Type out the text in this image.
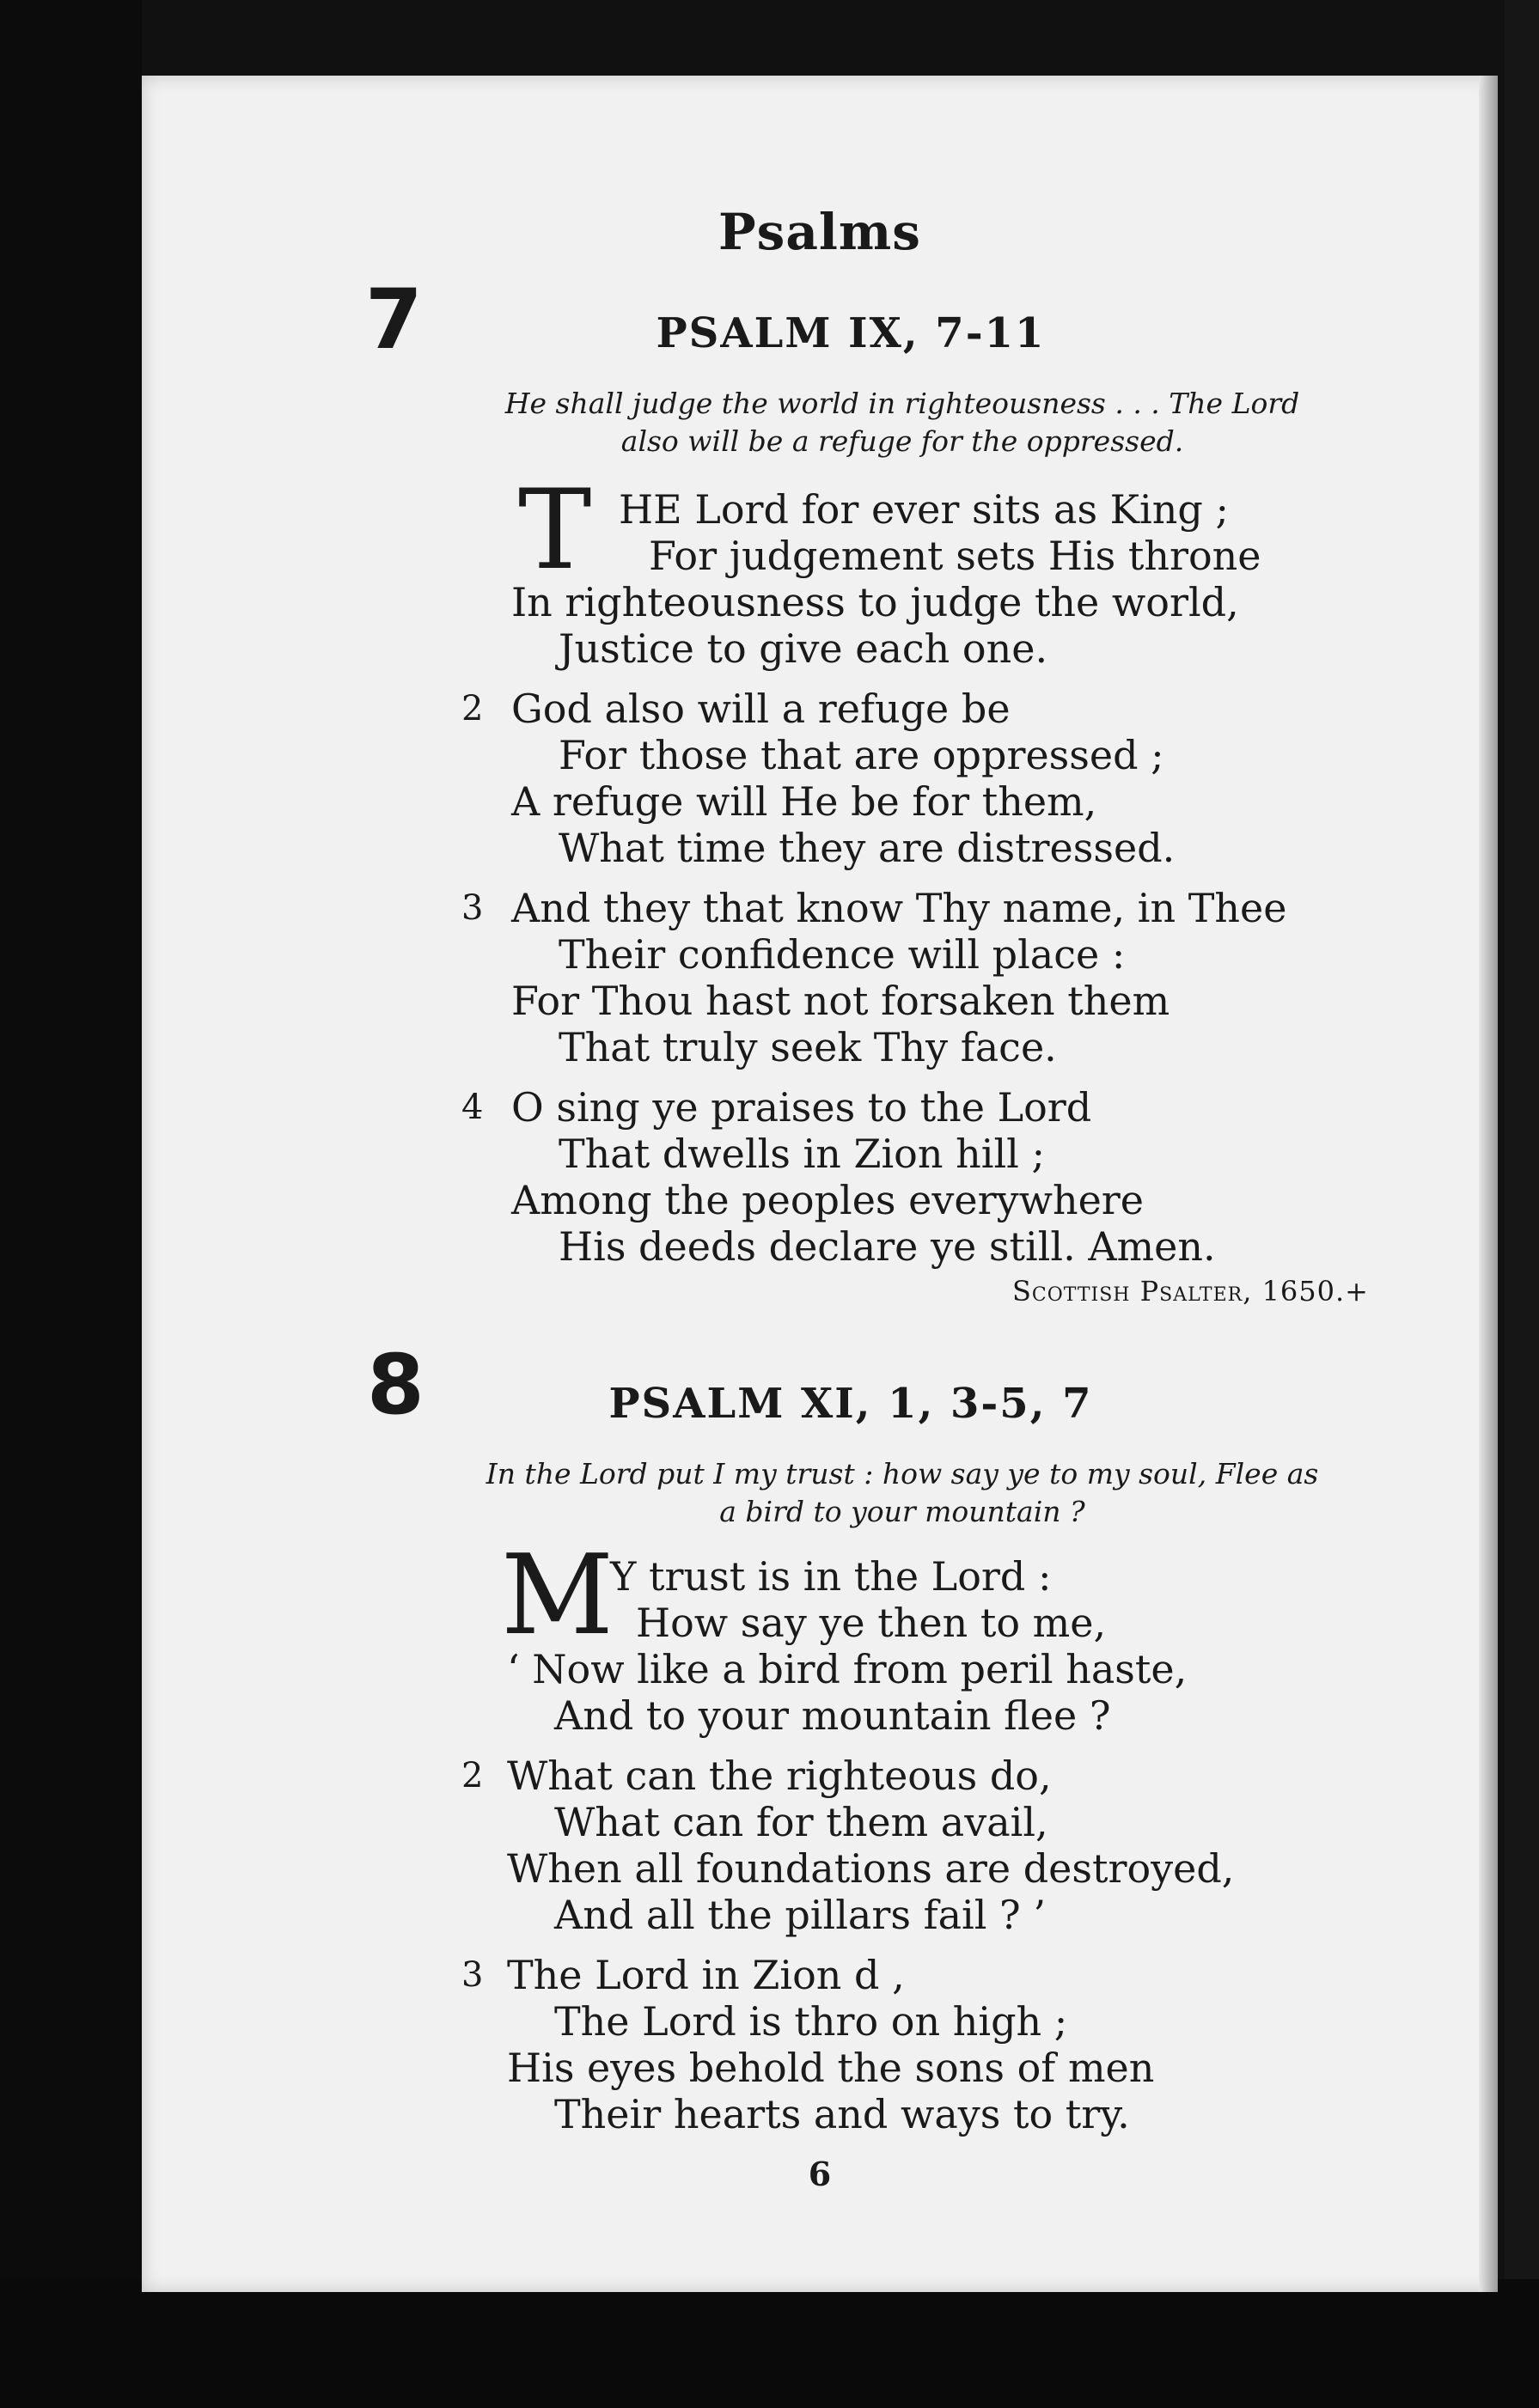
Psalms
7	PSALM IX, 7-11
He shall judge the world in righteousness . . . The Lord
also will be a refuge for the oppressed.
T HE Lord for ever sits as King ;
For judgement sets His throne
In righteousness to judge the world,
Justice to give each one.
2 God also will a refuge be
For those that are oppressed ;
A refuge will He be for them,
What time they are distressed.
3 And they that know Thy name, in Thee
Their confidence will place :
For Thou hast not forsaken them
That truly seek Thy face.
4 O sing ye praises to the Lord
That dwells in Zion hill ;
Among the peoples everywhere
His deeds declare ye still. Amen.
Scottish Psalter, 1650.+
8	PSALM XI, 1, 3-5, 7
In the Lord put I my trust : how say ye to my soul, Flee as
a bird to your mountain ?
M
Y trust is in the Lord :
How say ye then to me,
‘ Now like a bird from peril haste,
And to your mountain flee ?
2 What can the righteous do,
What can for them avail,
When all foundations are destroyed,
And all the pillars fail ? ’
3 The Lord in Zion d ,
The Lord is thro on high ;
His eyes behold the sons of men
Their hearts and ways to try.
6
